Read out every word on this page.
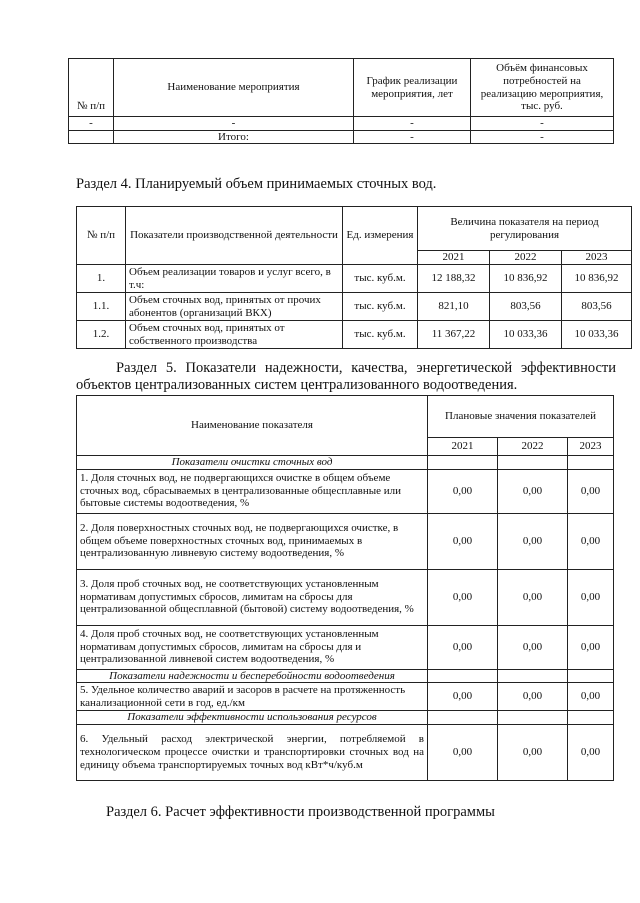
№ п/п	Наименование мероприятия	График реализации мероприятия, лет	Объём финансовых потребностей на реализацию мероприятия, тыс. руб.
-	-	-	-
	Итого:	-	-

Раздел 4. Планируемый объем принимаемых сточных вод.

№ п/п	Показатели производственной деятельности	Ед. измерения	Величина показателя на период регулирования		
			2021	2022	2023
1.	Объем реализации товаров и услуг всего, в т.ч:	тыс. куб.м.	12 188,32	10 836,92	10 836,92
1.1.	Объем сточных вод, принятых от прочих абонентов (организаций ВКХ)	тыс. куб.м.	821,10	803,56	803,56
1.2.	Объем сточных вод, принятых от собственного производства	тыс. куб.м.	11 367,22	10 033,36	10 033,36

Раздел 5. Показатели надежности, качества, энергетической эффективности объектов централизованных систем централизованного водоотведения.

Наименование показателя	Плановые значения показателей		
	2021	2022	2023
Показатели очистки сточных вод			
1. Доля сточных вод, не подвергающихся очистке в общем объеме сточных вод, сбрасываемых в централизованные общесплавные или бытовые системы водоотведения, %	0,00	0,00	0,00
2. Доля поверхностных сточных вод, не подвергающихся очистке, в общем объеме поверхностных сточных вод, принимаемых в централизованную ливневую систему водоотведения, %	0,00	0,00	0,00
3. Доля проб сточных вод, не соответствующих установленным нормативам допустимых сбросов, лимитам на сбросы для централизованной общесплавной (бытовой) систему водоотведения, %	0,00	0,00	0,00
4. Доля проб сточных вод, не соответствующих установленным нормативам допустимых сбросов, лимитам на сбросы для и централизованной ливневой систем водоотведения, %	0,00	0,00	0,00
Показатели надежности и бесперебойности водоотведения			
5. Удельное количество аварий и засоров в расчете на протяженность канализационной сети в год, ед./км	0,00	0,00	0,00
Показатели эффективности использования ресурсов			
6. Удельный расход электрической энергии, потребляемой в технологическом процессе очистки и транспортировки сточных вод на единицу объема транспортируемых точных вод кВт*ч/куб.м	0,00	0,00	0,00

Раздел 6. Расчет эффективности производственной программы
